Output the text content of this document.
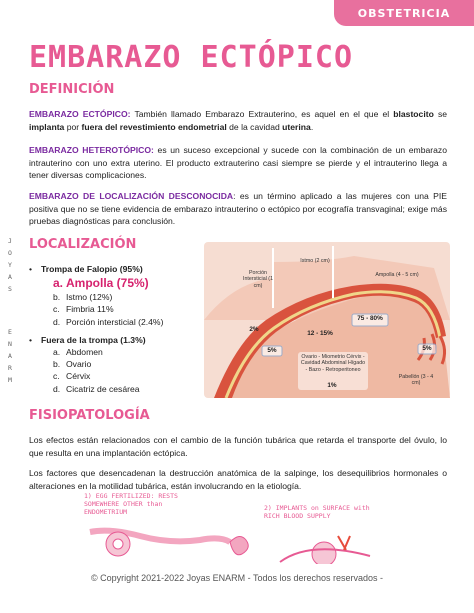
OBSTETRICIA
J
O
Y
A
S
E
N
A
R
M
EMBARAZO ECTÓPICO
DEFINICIÓN
EMBARAZO ECTÓPICO: También llamado Embarazo Extrauterino, es aquel en el que el blastocito se implanta por fuera del revestimiento endometrial de la cavidad uterina.
EMBARAZO HETEROTÓPICO: es un suceso excepcional y sucede con la combinación de un embarazo intrauterino con uno extra uterino. El producto extrauterino casi siempre se pierde y el intrauterino llega a tener diversas complicaciones.
EMBARAZO DE LOCALIZACIÓN DESCONOCIDA: es un término aplicado a las mujeres con una PIE positiva que no se tiene evidencia de embarazo intrauterino o ectópico por ecografía transvaginal; exige más pruebas diagnósticas para conclusión.
LOCALIZACIÓN
•	Trompa de Falopio (95%)
a. Ampolla (75%)
b. Istmo (12%)
c. Fimbria 11%
d. Porción intersticial (2.4%)
•	Fuera de la trompa (1.3%)
a. Abdomen
b. Ovario
c. Cérvix
d. Cicatriz de cesárea
Porción Intersticial (1 cm)
Istmo (2 cm)
Ampolla (4 - 5 cm)
2%
12 - 15%
75 - 80%
5%	5%
Ovario - Miometrio Cérvix - Cavidad Abdominal Hígado - Bazo - Retroperitoneo
1%
Pabellón (3 - 4 cm)
FISIOPATOLOGÍA
Los efectos están relacionados con el cambio de la función tubárica que retarda el transporte del óvulo, lo que resulta en una implantación ectópica.
Los factores que desencadenan la destrucción anatómica de la salpinge, los desequilibrios hormonales o alteraciones en la motilidad tubárica, están involucrando en la etiología.
1) EGG FERTILIZED: RESTS SOMEWHERE OTHER than ENDOMETRIUM	2) IMPLANTS on SURFACE with RICH BLOOD SUPPLY
© Copyright 2021-2022 Joyas ENARM - Todos los derechos reservados -
